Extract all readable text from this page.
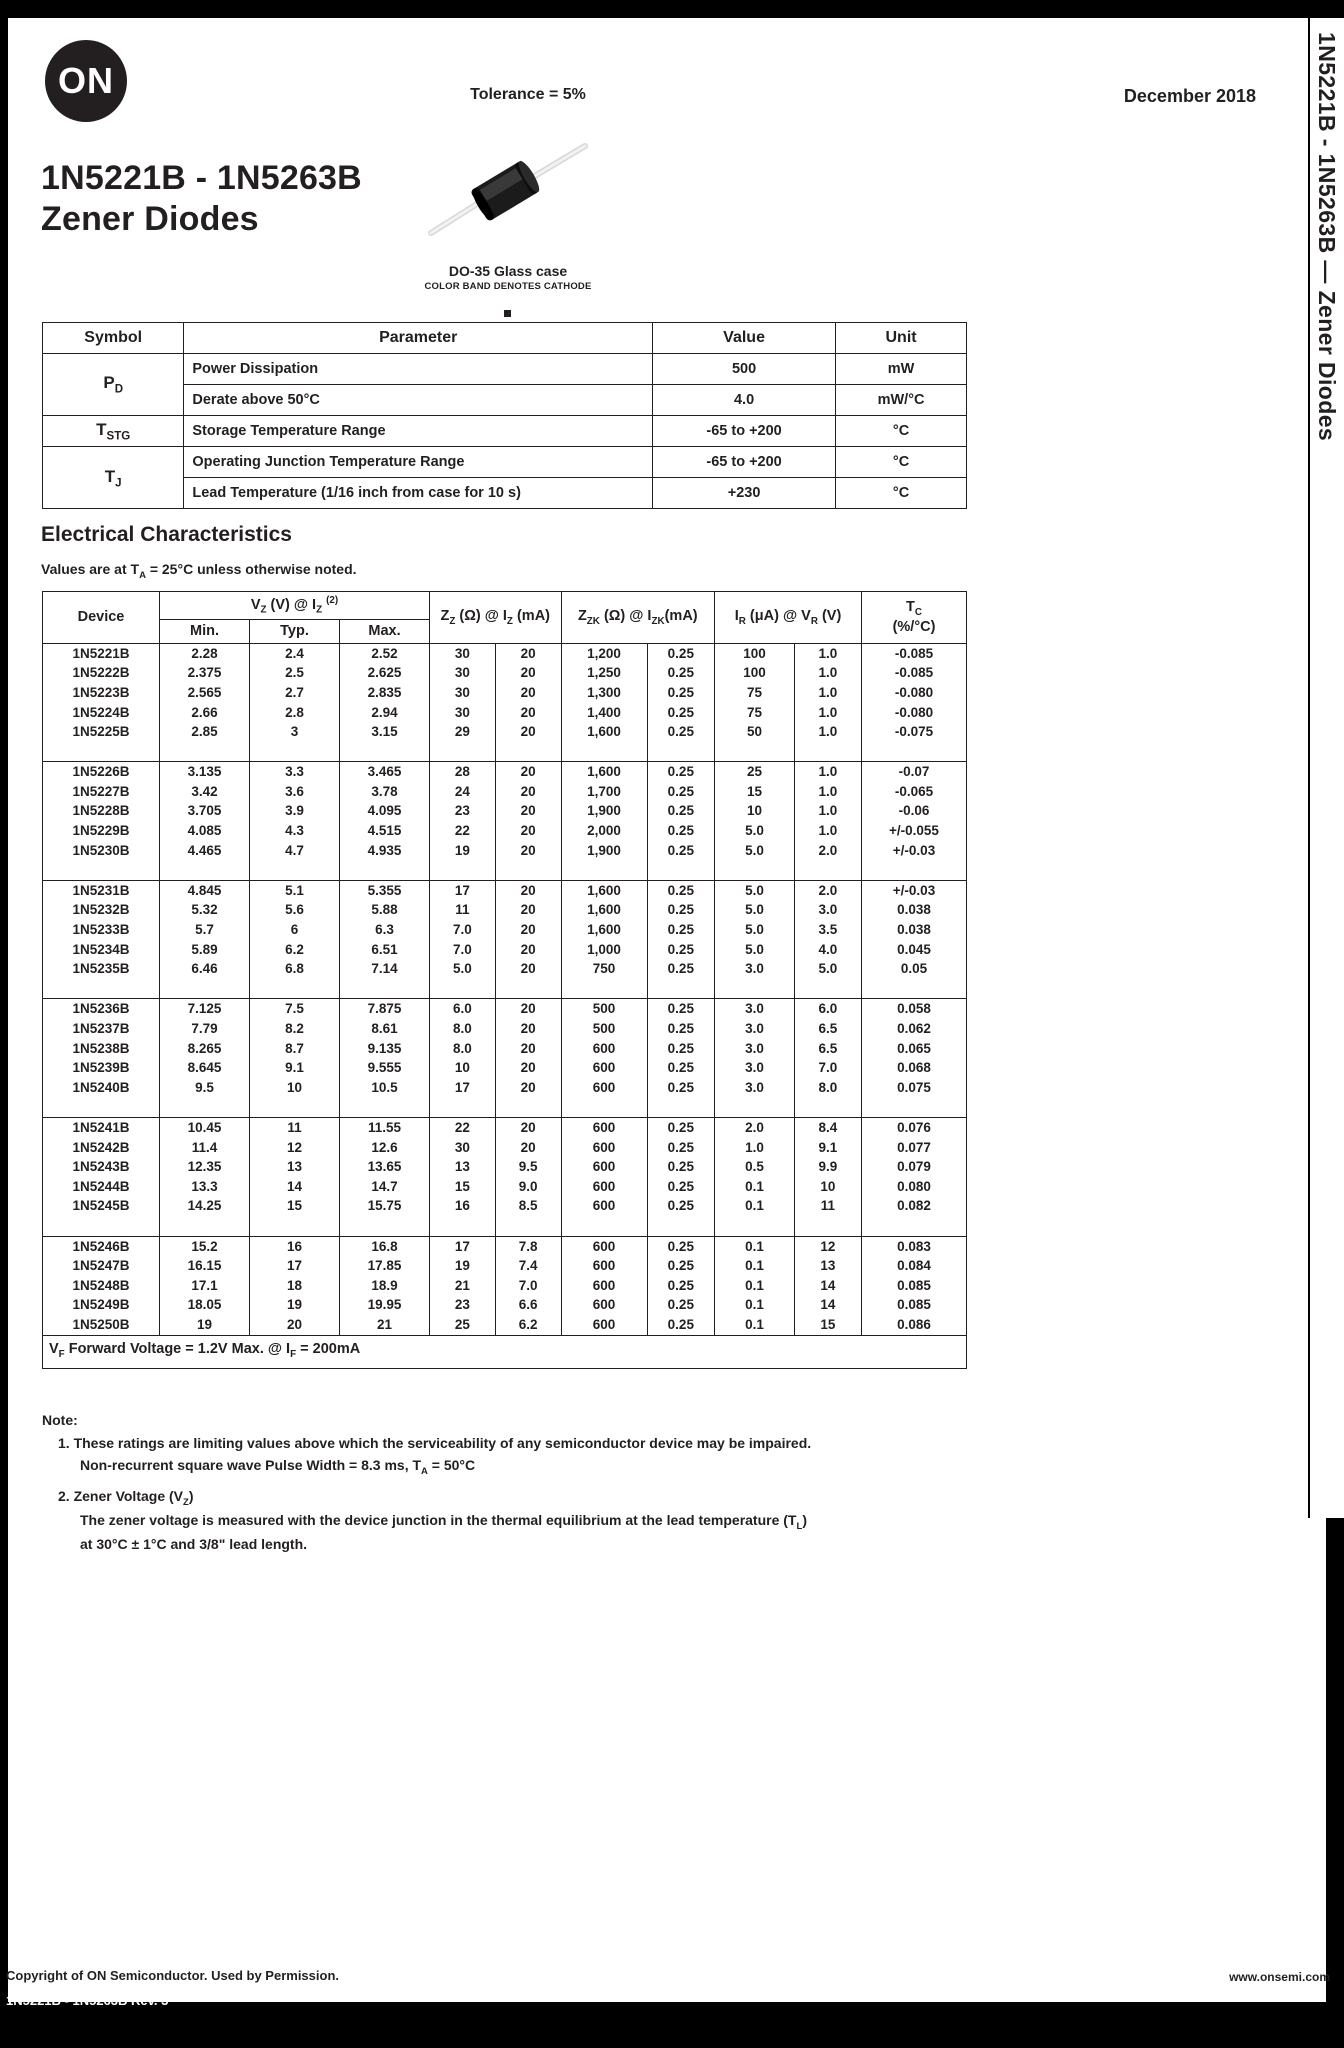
ON
1N5221B - 1N5263B
Zener Diodes
Tolerance = 5%	December 2018
DO-35 Glass case
COLOR BAND DENOTES CATHODE
Symbol	Parameter	Value	Unit
$P_D$	Power Dissipation	500	mW
	Derate above 50°C	4.0	mW/°C
$T_{STG}$	Storage Temperature Range	-65 to +200	°C
$T_J$	Operating Junction Temperature Range	-65 to +200	°C
	Lead Temperature (1/16 inch from case for 10 s)	+230	°C
Electrical Characteristics
Values are at $T_A = 25^\circ C$ unless otherwise noted.
Device	$V_Z$ (V) @ $I_Z$ $^{(2)}$			$Z_Z$ (Ω) @ $I_Z$ (mA)		$Z_{ZK}$ (Ω) @ $I_{ZK}(mA)$		$I_R$ (μA) @ $V_R$ (V)		$T_C$
(%/°C)
	Min.	Typ.	Max.							
1N5221B	2.28	2.4	2.52	30	20	1,200	0.25	100	1.0	-0.085
1N5222B	2.375	2.5	2.625	30	20	1,250	0.25	100	1.0	-0.085
1N5223B	2.565	2.7	2.835	30	20	1,300	0.25	75	1.0	-0.080
1N5224B	2.66	2.8	2.94	30	20	1,400	0.25	75	1.0	-0.080
1N5225B	2.85	3	3.15	29	20	1,600	0.25	50	1.0	-0.075

1N5226B	3.135	3.3	3.465	28	20	1,600	0.25	25	1.0	-0.07
1N5227B	3.42	3.6	3.78	24	20	1,700	0.25	15	1.0	-0.065
1N5228B	3.705	3.9	4.095	23	20	1,900	0.25	10	1.0	-0.06
1N5229B	4.085	4.3	4.515	22	20	2,000	0.25	5.0	1.0	+/-0.055
1N5230B	4.465	4.7	4.935	19	20	1,900	0.25	5.0	2.0	+/-0.03

1N5231B	4.845	5.1	5.355	17	20	1,600	0.25	5.0	2.0	+/-0.03
1N5232B	5.32	5.6	5.88	11	20	1,600	0.25	5.0	3.0	0.038
1N5233B	5.7	6	6.3	7.0	20	1,600	0.25	5.0	3.5	0.038
1N5234B	5.89	6.2	6.51	7.0	20	1,000	0.25	5.0	4.0	0.045
1N5235B	6.46	6.8	7.14	5.0	20	750	0.25	3.0	5.0	0.05

1N5236B	7.125	7.5	7.875	6.0	20	500	0.25	3.0	6.0	0.058
1N5237B	7.79	8.2	8.61	8.0	20	500	0.25	3.0	6.5	0.062
1N5238B	8.265	8.7	9.135	8.0	20	600	0.25	3.0	6.5	0.065
1N5239B	8.645	9.1	9.555	10	20	600	0.25	3.0	7.0	0.068
1N5240B	9.5	10	10.5	17	20	600	0.25	3.0	8.0	0.075

1N5241B	10.45	11	11.55	22	20	600	0.25	2.0	8.4	0.076
1N5242B	11.4	12	12.6	30	20	600	0.25	1.0	9.1	0.077
1N5243B	12.35	13	13.65	13	9.5	600	0.25	0.5	9.9	0.079
1N5244B	13.3	14	14.7	15	9.0	600	0.25	0.1	10	0.080
1N5245B	14.25	15	15.75	16	8.5	600	0.25	0.1	11	0.082

1N5246B	15.2	16	16.8	17	7.8	600	0.25	0.1	12	0.083
1N5247B	16.15	17	17.85	19	7.4	600	0.25	0.1	13	0.084
1N5248B	17.1	18	18.9	21	7.0	600	0.25	0.1	14	0.085
1N5249B	18.05	19	19.95	23	6.6	600	0.25	0.1	14	0.085
1N5250B	19	20	21	25	6.2	600	0.25	0.1	15	0.086
$V_F$ Forward Voltage = 1.2V Max. @ $I_F = 200mA$										
Note:
1. These ratings are limiting values above which the serviceability of any semiconductor device may be impaired.
Non-recurrent square wave Pulse Width = 8.3 ms, $T_A = 50^\circ C$
2. Zener Voltage $(V_Z)$
The zener voltage is measured with the device junction in the thermal equilibrium at the lead temperature $(T_L)$
at 30°C ± 1°C and 3/8" lead length.
1N5221B - 1N5263B — Zener Diodes
Copyright of ON Semiconductor. Used by Permission.
1N5221B - 1N5263B Rev. 3
www.onsemi.com
